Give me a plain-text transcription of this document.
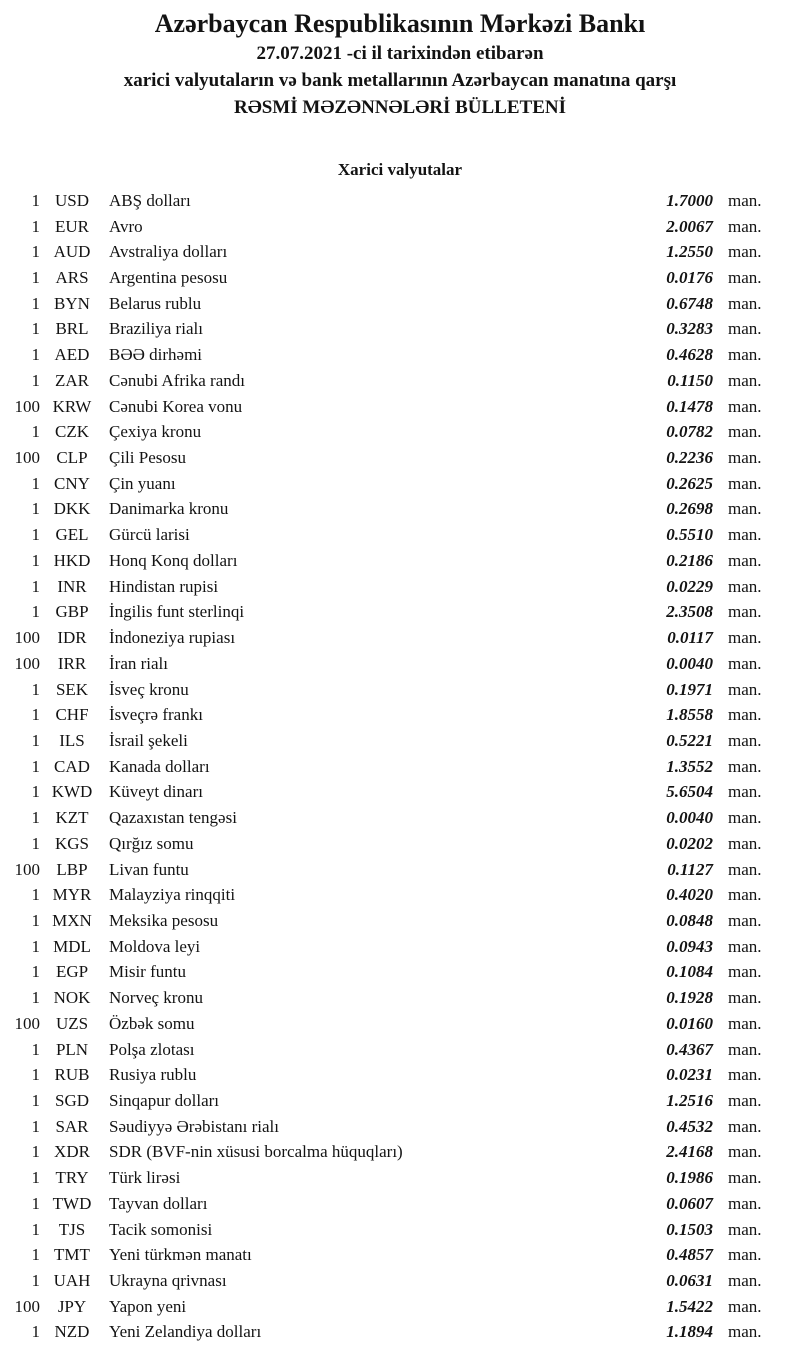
Azərbaycan Respublikasının Mərkəzi Bankı
27.07.2021 -ci il tarixindən etibarən
xarici valyutaların və bank metallarının Azərbaycan manatına qarşı
RƏSMİ MƏZƏNNƏLƏRİ BÜLLETENİ
Xarici valyutalar
1 USD	ABŞ dolları	1.7000 man.
1 EUR	Avro	2.0067 man.
1 AUD	Avstraliya dolları	1.2550 man.
1 ARS	Argentina pesosu	0.0176 man.
1 BYN	Belarus rublu	0.6748 man.
1 BRL	Braziliya rialı	0.3283 man.
1 AED	BƏƏ dirhəmi	0.4628 man.
1 ZAR	Cənubi Afrika randı	0.1150 man.
100 KRW	Cənubi Korea vonu	0.1478 man.
1 CZK	Çexiya kronu	0.0782 man.
100 CLP	Çili Pesosu	0.2236 man.
1 CNY	Çin yuanı	0.2625 man.
1 DKK	Danimarka kronu	0.2698 man.
1 GEL	Gürcü larisi	0.5510 man.
1 HKD	Honq Konq dolları	0.2186 man.
1	INR	Hindistan rupisi	0.0229 man.
1 GBP	İngilis funt sterlinqi	2.3508 man.
100	IDR	İndoneziya rupiası	0.0117 man.
100	IRR	İran rialı	0.0040 man.
1 SEK	İsveç kronu	0.1971 man.
1 CHF	İsveçrə frankı	1.8558 man.
1	ILS	İsrail şekeli	0.5221 man.
1 CAD	Kanada dolları	1.3552 man.
1 KWD Küveyt dinarı	5.6504 man.
1 KZT	Qazaxıstan tengəsi	0.0040 man.
1 KGS	Qırğız somu	0.0202 man.
100 LBP	Livan funtu	0.1127 man.
1 MYR	Malayziya rinqqiti	0.4020 man.
1 MXN	Meksika pesosu	0.0848 man.
1 MDL	Moldova leyi	0.0943 man.
1 EGP	Misir funtu	0.1084 man.
1 NOK	Norveç kronu	0.1928 man.
100 UZS	Özbək somu	0.0160 man.
1 PLN	Polşa zlotası	0.4367 man.
1 RUB	Rusiya rublu	0.0231 man.
1 SGD	Sinqapur dolları	1.2516 man.
1 SAR	Səudiyyə Ərəbistanı rialı	0.4532 man.
1 XDR	SDR (BVF-nin xüsusi borcalma hüquqları)	2.4168 man.
1 TRY	Türk lirəsi	0.1986 man.
1 TWD	Tayvan dolları	0.0607 man.
1	TJS	Tacik somonisi	0.1503 man.
1 TMT	Yeni türkmən manatı	0.4857 man.
1 UAH	Ukrayna qrivnası	0.0631 man.
100	JPY	Yapon yeni	1.5422 man.
1 NZD	Yeni Zelandiya dolları	1.1894 man.
